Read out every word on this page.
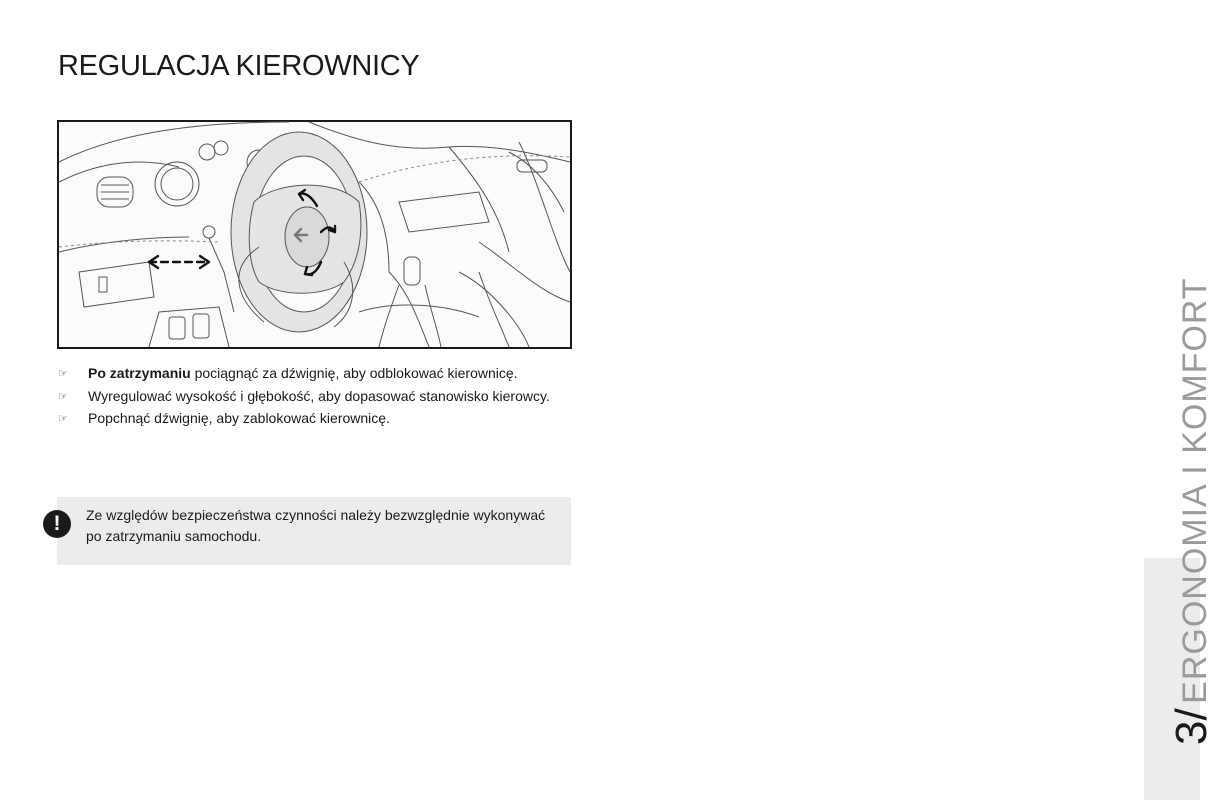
REGULACJA KIEROWNICY
☞ Po zatrzymaniu pociągnąć za dźwignię, aby odblokować kierownicę.
☞ Wyregulować wysokość i głębokość, aby dopasować stanowisko kierowcy.
☞ Popchnąć dźwignię, aby zablokować kierownicę.
!	Ze względów bezpieczeństwa czynności należy bezwzględnie wykonywać po zatrzymaniu samochodu.
3/ ERGONOMIA I KOMFORT
